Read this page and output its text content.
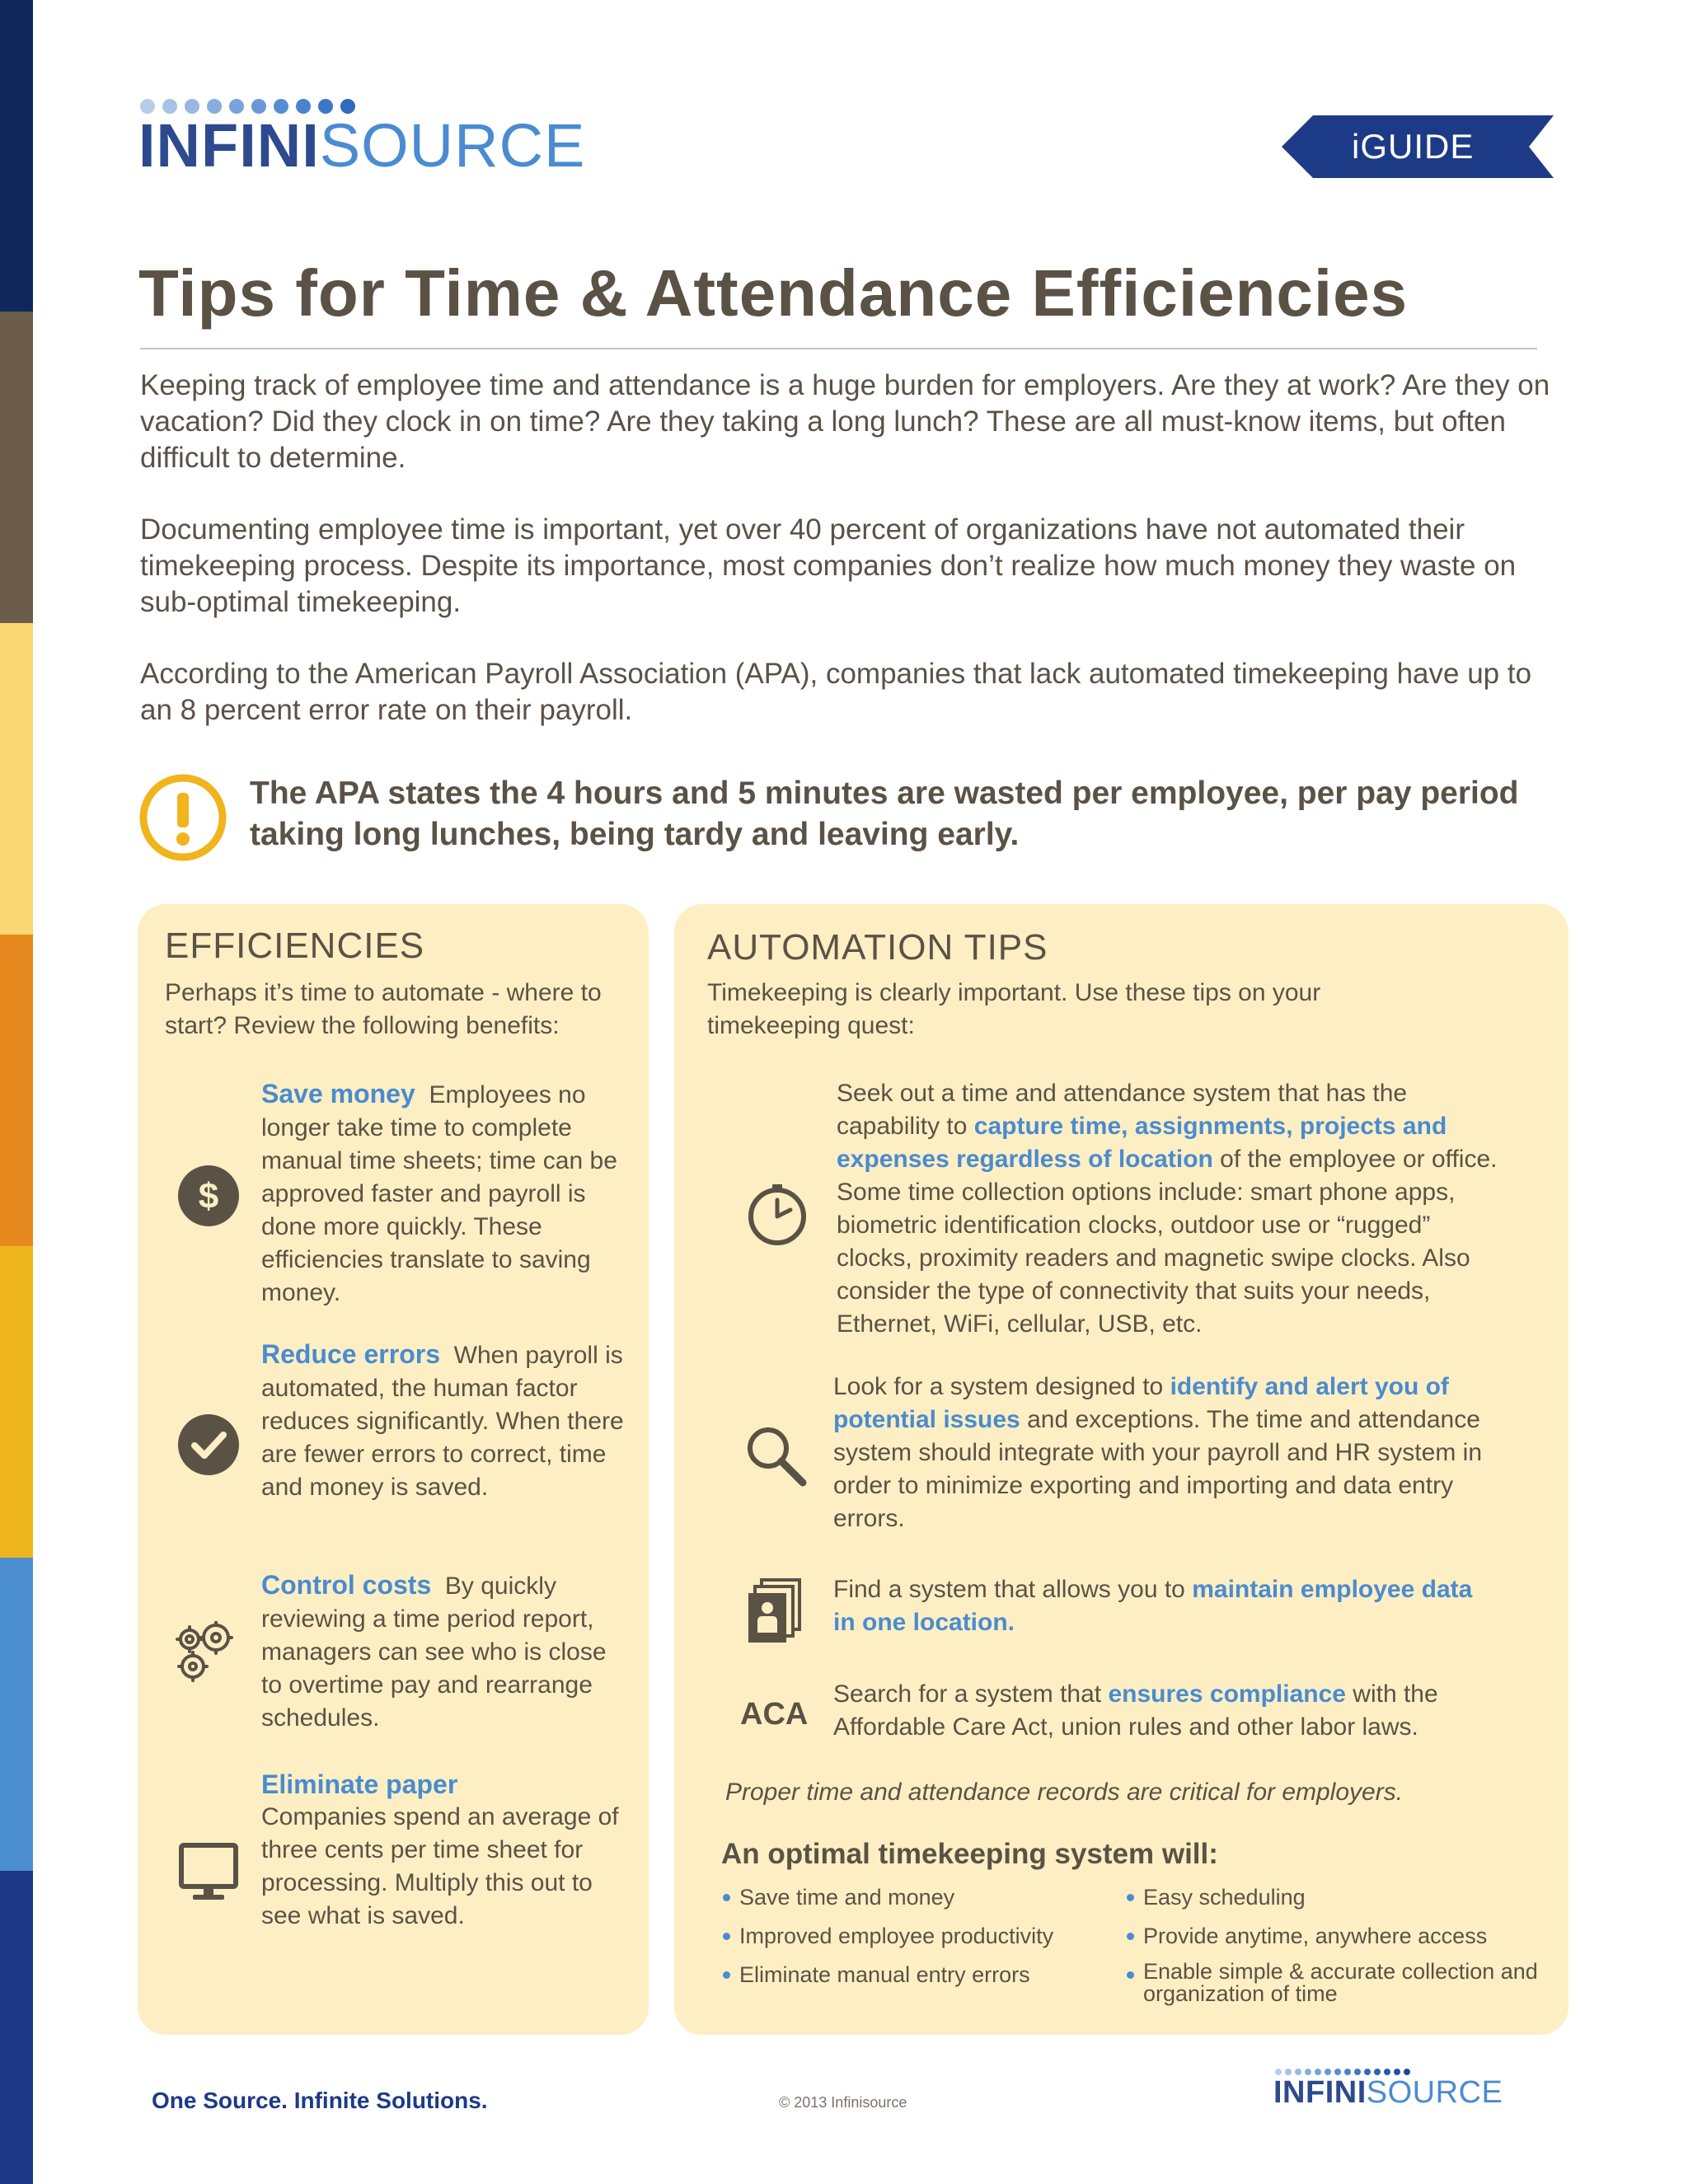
INFINISOURCE	iGUIDE
Tips for Time & Attendance Efficiencies

Keeping track of employee time and attendance is a huge burden for employers. Are they at work? Are they on vacation? Did they clock in on time? Are they taking a long lunch? These are all must-know items, but often difficult to determine.

Documenting employee time is important, yet over 40 percent of organizations have not automated their timekeeping process. Despite its importance, most companies don’t realize how much money they waste on sub-optimal timekeeping.

According to the American Payroll Association (APA), companies that lack automated timekeeping have up to an 8 percent error rate on their payroll.

The APA states the 4 hours and 5 minutes are wasted per employee, per pay period taking long lunches, being tardy and leaving early.

EFFICIENCIES

Perhaps it’s time to automate - where to start? Review the following benefits:

$

Save money Employees no longer take time to complete manual time sheets; time can be approved faster and payroll is done more quickly. These efficiencies translate to saving money.

Reduce errors When payroll is automated, the human factor reduces significantly. When there are fewer errors to correct, time and money is saved.

Control costs By quickly reviewing a time period report, managers can see who is close to overtime pay and rearrange schedules.

Eliminate paper
Companies spend an average of three cents per time sheet for processing. Multiply this out to see what is saved.

AUTOMATION TIPS

Timekeeping is clearly important. Use these tips on your timekeeping quest:

Seek out a time and attendance system that has the capability to capture time, assignments, projects and expenses regardless of location of the employee or office. Some time collection options include: smart phone apps, biometric identification clocks, outdoor use or “rugged” clocks, proximity readers and magnetic swipe clocks. Also consider the type of connectivity that suits your needs, Ethernet, WiFi, cellular, USB, etc.

Look for a system designed to identify and alert you of potential issues and exceptions. The time and attendance system should integrate with your payroll and HR system in order to minimize exporting and importing and data entry errors.

Find a system that allows you to maintain employee data in one location.

ACA

Search for a system that ensures compliance with the Affordable Care Act, union rules and other labor laws.

Proper time and attendance records are critical for employers.

An optimal timekeeping system will:

Save time and money
Improved employee productivity
Eliminate manual entry errors
Easy scheduling
Provide anytime, anywhere access
Enable simple & accurate collection and organization of time

One Source. Infinite Solutions.	© 2013 Infinisource	INFINISOURCE
